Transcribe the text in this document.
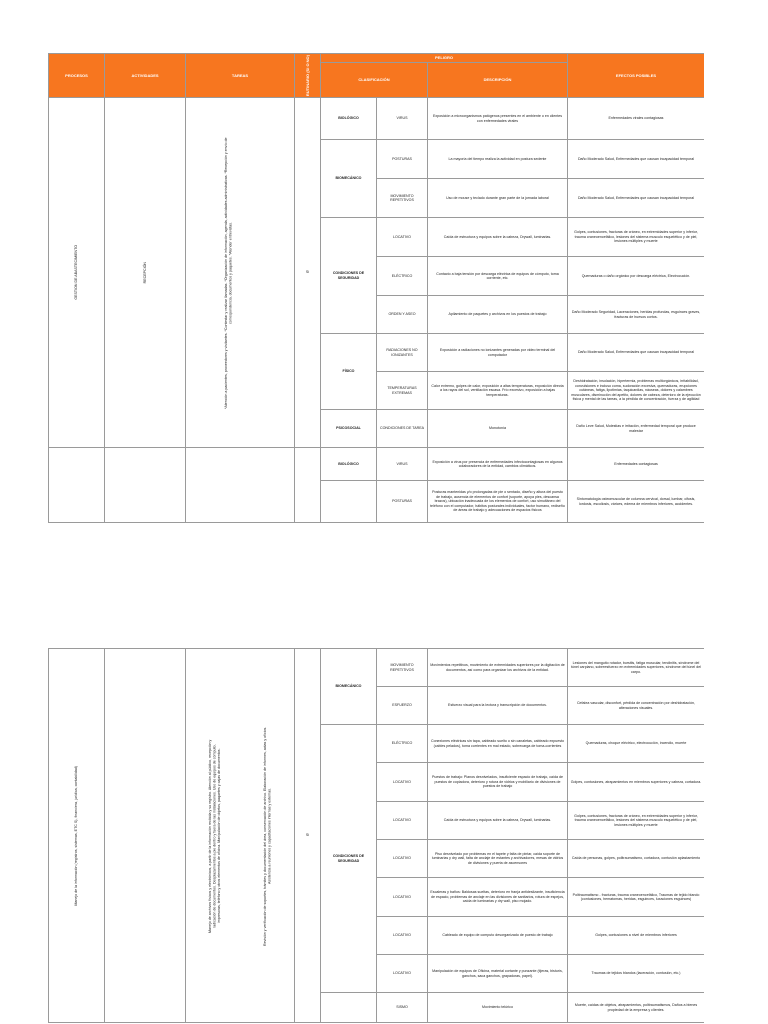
PROCESOS	ACTIVIDADES	TAREAS	RUTINARIO (SI O NO)	PELIGRO			EFECTOS POSIBLES
				CLASIFICACIÓN		DESCRIPCIÓN	

GESTION DE ABASTECIMIENTO	RECEPCIÓN	*Atención a pacientes, proveedores y visitantes. *Contestar y realizar llamadas. *Organización de información, agenda, actividades administrativas. *Recepción y envío de correspondencia, documentos y paquetes. *Atender entrevistas.	Si	BIOLÓGICO	VIRUS	Exposición a microorganismos patógenos presentes en el ambiente o en clientes con enfermedades virales	Enfermedades virales contagiosas
				BIOMECÁNICO	POSTURAS	La mayoría del tiempo realiza la actividad en postura sedente	Daño Moderado Salud, Enfermedades que causan incapacidad temporal
					MOVIMIENTO REPETITIVOS	Uso de mouse y teclado durante gran parte de la jornada laboral	Daño Moderado Salud, Enfermedades que causan incapacidad temporal
				CONDICIONES DE SEGURIDAD	LOCATIVO	Caída de estructura y equipos sobre la cabeza, Drywall, luminarias.	Golpes, contusiones, fracturas de cráneo, en extremidades superior y inferior, trauma craneoencefálico, lesiones del sistema musculo esquelético y de piel, lesiones múltiples y muerte
					ELÉCTRICO	Contacto a baja tensión por descarga eléctrica de equipos de cómputo, toma corriente, etc.	Quemaduras o daño orgánico por descarga eléctrica, Electrocución.
					ORDEN Y ASEO	Apilamiento de paquetes y archivos en los puestos de trabajo	Daño Moderado Seguridad, Laceraciones, heridas profundas, esguinces graves, fracturas de huesos cortos.
				FÍSICO	RADIACIONES NO IONIZANTES	Exposición a radiaciones no ionizantes generadas por video terminal del computador	Daño Moderado Salud, Enfermedades que causan incapacidad temporal
					TEMPERATURAS EXTREMAS	Calor extremo, golpes de calor, exposición a altas temperaturas, exposición directa a los rayos del sol, ventilación escasa. Frío excesivo, exposición a bajas temperaturas.	Deshidratación, insolación, hipertermia, problemas multiorgánicos, irritabilidad, convulsiones e incluso coma, sudoración excesiva, quemaduras, erupciones cutáneas, fatiga, lipotimias, taquicardias, náuseas, dolores y calambres musculares, disminución del apetito, dolores de cabeza, deterioro de la ejecución física y mental de las tareas, a la pérdida de concentración, fuerza y de agilidad
				PSICOSOCIAL	CONDICIONES DE TAREA	Monotonía	Daño Leve Salud, Molestias e irritación, enfermedad temporal que produce malestar
				BIOLÓGICO	VIRUS	Exposición a virus por presencia de enfermedades infectocontagiosas en algunos colaboradores de la entidad, cambios climáticos.	Enfermedades contagiosas
					POSTURAS	Posturas mantenidas y/o prolongadas de pie o sentado, diseño y altura del puesto de trabajo, ausencia de elementos de confort (soporte, apoya pies, descansa brazos), ubicación inadecuada de los elementos de confort, uso simultáneo del teléfono con el computador, hábitos posturales individuales, factor humano, rediseño de áreas de trabajo y adecuaciones de espacios físicos	Sintomatología osteomuscular de columna cervical, dorsal, lumbar, cifosis, lordosis, escoliosis, várices, edema de miembros inferiores, accidentes.
Manejo de la información (registros, sistemas, ETC S), financiera, jurídica, contabilidad)		Manejo de archivos físicos y electrónicos, a partir de la información recibida y su registro. Atención al público, recepción y radicación de documentos. Desplazamientos a pie dentro y fuera de las instalaciones. Uso de equipos de cómputo, impresoras, teléfono y otros elementos de oficina. Manipulación de objetos, paquetes y cajas de documentos. Revisión y verificación de soportes, trámites y documentación del área, conservación de archivo. Elaboración de informes, actas y oficios. Asistencia a reuniones y capacitaciones internas y externas.	Si	BIOMECÁNICO	MOVIMIENTO REPETITIVOS	Movimientos repetitivos, movimiento de extremidades superiores por la digitación de documentos, así como para organizar los archivos de la entidad.	Lesiones del manguito rotador, bursitis, fatiga muscular, tendinitis, síndrome del túnel carpiano, sobreesfuerzo en extremidades superiores, síndrome del túnel del carpo.
					ESFUERZO	Esfuerzo visual para la lectura y transcripción de documentos.	Cefalea vascular, disconfort, pérdida de concentración por deshidratación, alteraciones visuales.
				CONDICIONES DE SEGURIDAD	ELÉCTRICO	Conexiones eléctricas sin tapa, cableado suelto o sin canaletas, cableado expuesto (cables pelados), toma corrientes en mal estado, sobrecarga de toma-corrientes	Quemaduras, choque eléctrico, electrocución, incendio, muerte
					LOCATIVO	Puestos de trabajo: Planos desnivelados, insuficiente espacio de trabajo, caída de puestos de copiadora, deterioro y rotura de vidrios y mobiliario de divisiones de puestos de trabajo	Golpes, contusiones, atrapamientos en miembros superiores y cabeza, cortadura.
					LOCATIVO	Caída de estructura y equipos sobre la cabeza, Drywall, luminarias.	Golpes, contusiones, fracturas de cráneo, en extremidades superior y inferior, trauma craneoencefálico, lesiones del sistema musculo esquelético y de piel, lesiones múltiples y muerte
					LOCATIVO	Piso desnivelado por problemas en el tapete y falta de pintar, caída soporte de luminarias y dry wall, falta de anclaje de estantes y archivadores, mesas de vidrios de divisiones y puerta de ascensores	Caída de personas, golpes, politraumatismo, cortadura, contusión aplastamiento
					LOCATIVO	Escaleras y baños: Baldosas sueltas, deterioro en franja antideslizante, insuficiencia de espacio, problemas de anclaje en las divisiones de sanitarios, rotura de espejos, caída de luminarias y dry wall, piso mojado.	Politraumatismo - fracturas, trauma craneoencefálico, Traumas de tejido blando (contusiones, hematomas, heridas, esguinces, luxaciones esguinces)
					LOCATIVO	Cableado de equipo de computo desorganizado de puesto de trabajo	Golpes, contusiones a nivel de miembros inferiores
					LOCATIVO	Manipulación de equipos de Oficina, material cortante y punzante (tijeras, bisturís, ganchos, saca ganchos, grapadoras, papel).	Traumas de tejidos blandos (laceración, contusión, etc.)
					SISMO	Movimiento telúrico	Muerte, caídas de objetos, atrapamientos, politraumatismos, Daños a bienes propiedad de la empresa y clientes.
